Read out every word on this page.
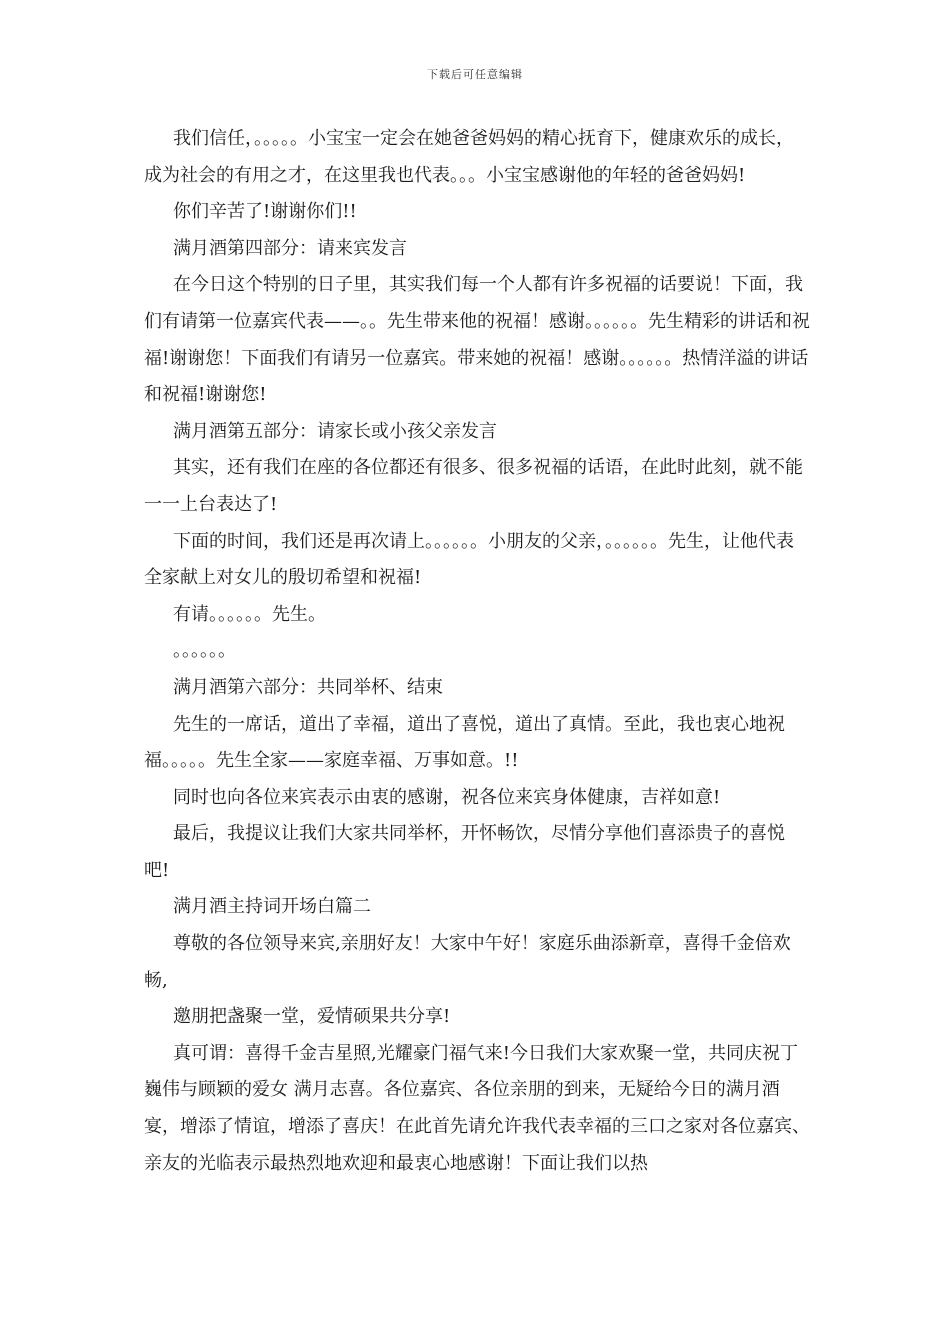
下载后可任意编辑

我们信任，。。。。。小宝宝一定会在她爸爸妈妈的精心抚育下，健康欢乐的成长，成为社会的有用之才，在这里我也代表。。。小宝宝感谢他的年轻的爸爸妈妈!

你们辛苦了!谢谢你们!!

满月酒第四部分：请来宾发言

在今日这个特别的日子里，其实我们每一个人都有许多祝福的话要说！下面，我们有请第一位嘉宾代表——。。先生带来他的祝福！感谢。。。。。。先生精彩的讲话和祝福!谢谢您！下面我们有请另一位嘉宾。带来她的祝福！感谢。。。。。。热情洋溢的讲话和祝福!谢谢您!

满月酒第五部分：请家长或小孩父亲发言

其实，还有我们在座的各位都还有很多、很多祝福的话语，在此时此刻，就不能一一上台表达了!

下面的时间，我们还是再次请上。。。。。。小朋友的父亲，。。。。。。先生，让他代表全家献上对女儿的殷切希望和祝福!

有请。。。。。。先生。

。。。。。。

满月酒第六部分：共同举杯、结束

先生的一席话，道出了幸福，道出了喜悦，道出了真情。至此，我也衷心地祝福。。。。。先生全家——家庭幸福、万事如意。!!

同时也向各位来宾表示由衷的感谢，祝各位来宾身体健康，吉祥如意!

最后，我提议让我们大家共同举杯，开怀畅饮，尽情分享他们喜添贵子的喜悦吧!

满月酒主持词开场白篇二

尊敬的各位领导来宾,亲朋好友！大家中午好！家庭乐曲添新章，喜得千金倍欢畅,

邀朋把盏聚一堂，爱情硕果共分享!

真可谓：喜得千金吉星照,光耀豪门福气来!今日我们大家欢聚一堂，共同庆祝丁巍伟与顾颖的爱女 满月志喜。各位嘉宾、各位亲朋的到来，无疑给今日的满月酒宴，增添了情谊，增添了喜庆！在此首先请允许我代表幸福的三口之家对各位嘉宾、亲友的光临表示最热烈地欢迎和最衷心地感谢！下面让我们以热
